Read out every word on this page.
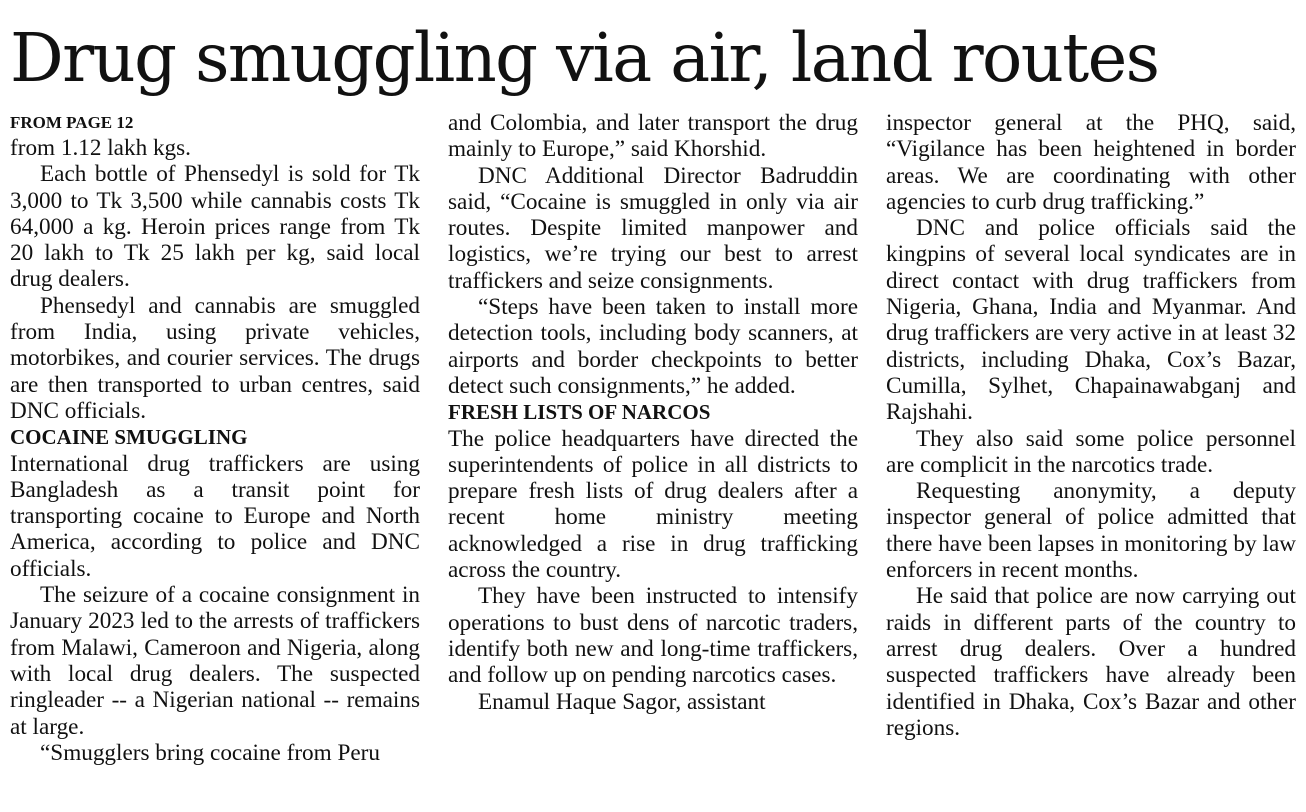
Drug smuggling via air, land routes
FROM PAGE 12

from 1.12 lakh kgs.

Each bottle of Phensedyl is sold for Tk 3,000 to Tk 3,500 while cannabis costs Tk 64,000 a kg. Heroin prices range from Tk 20 lakh to Tk 25 lakh per kg, said local drug dealers.

Phensedyl and cannabis are smuggled from India, using private vehicles, motorbikes, and courier services. The drugs are then transported to urban centres, said DNC officials.

COCAINE SMUGGLING

International drug traffickers are using Bangladesh as a transit point for transporting cocaine to Europe and North America, according to police and DNC officials.

The seizure of a cocaine consignment in January 2023 led to the arrests of traffickers from Malawi, Cameroon and Nigeria, along with local drug dealers. The suspected ringleader -- a Nigerian national -- remains at large.

“Smugglers bring cocaine from Peru

and Colombia, and later transport the drug mainly to Europe,” said Khorshid.

DNC Additional Director Badruddin said, “Cocaine is smuggled in only via air routes. Despite limited manpower and logistics, we’re trying our best to arrest traffickers and seize consignments.

“Steps have been taken to install more detection tools, including body scanners, at airports and border checkpoints to better detect such consignments,” he added.

FRESH LISTS OF NARCOS

The police headquarters have directed the superintendents of police in all districts to prepare fresh lists of drug dealers after a recent home ministry meeting acknowledged a rise in drug trafficking across the country.

They have been instructed to intensify operations to bust dens of narcotic traders, identify both new and long-time traffickers, and follow up on pending narcotics cases.

Enamul Haque Sagor, assistant

inspector general at the PHQ, said, “Vigilance has been heightened in border areas. We are coordinating with other agencies to curb drug trafficking.”

DNC and police officials said the kingpins of several local syndicates are in direct contact with drug traffickers from Nigeria, Ghana, India and Myanmar. And drug traffickers are very active in at least 32 districts, including Dhaka, Cox’s Bazar, Cumilla, Sylhet, Chapainawabganj and Rajshahi.

They also said some police personnel are complicit in the narcotics trade.

Requesting anonymity, a deputy inspector general of police admitted that there have been lapses in monitoring by law enforcers in recent months.

He said that police are now carrying out raids in different parts of the country to arrest drug dealers. Over a hundred suspected traffickers have already been identified in Dhaka, Cox’s Bazar and other regions.
